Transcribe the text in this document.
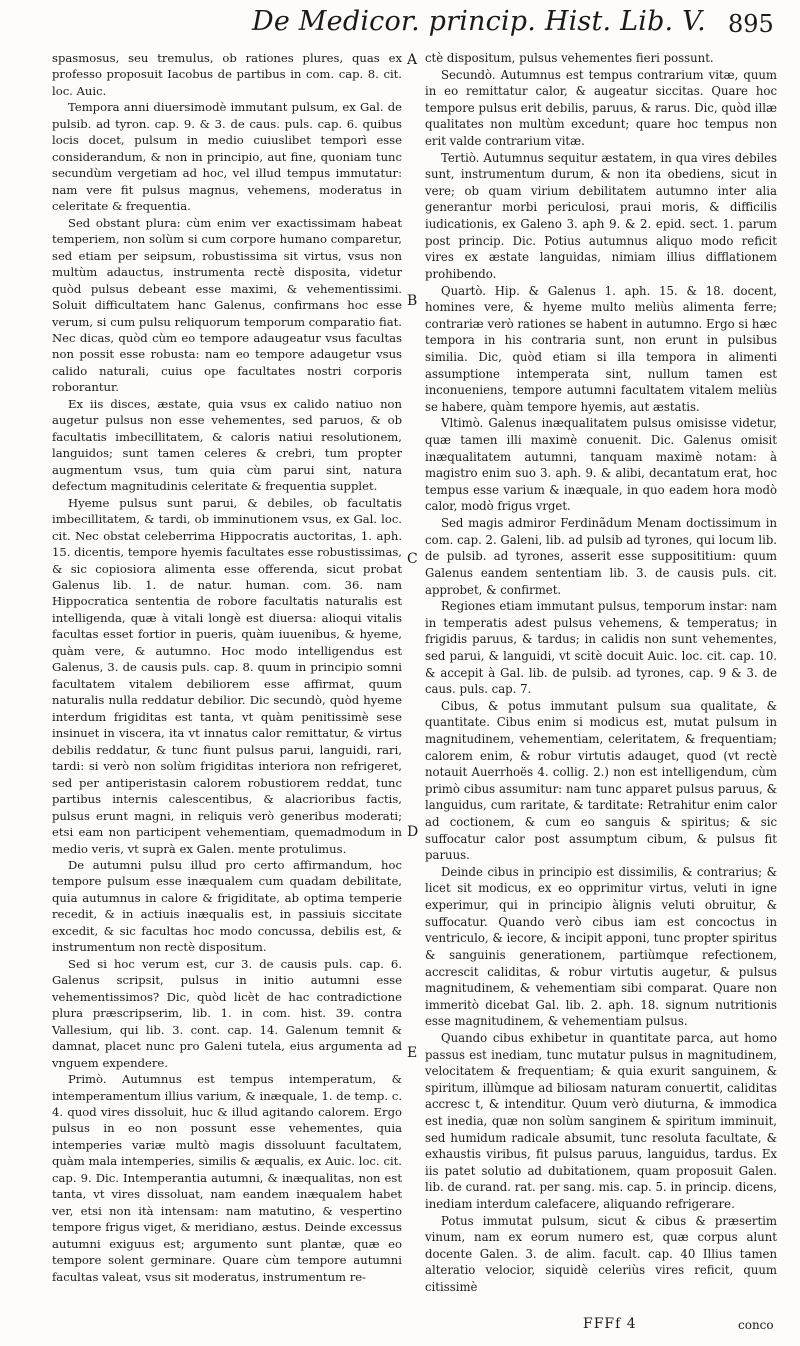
De Medicor. princip. Hist. Lib. V. 895

spasmosus, seu tremulus, ob rationes plures, quas ex professo proposuit Iacobus de partibus in com. cap. 8. cit. loc. Auic.

Tempora anni diuersimodè immutant pulsum, ex Gal. de pulsib. ad tyron. cap. 9. & 3. de caus. puls. cap. 6. quibus locis docet, pulsum in medio cuiuslibet temporì esse considerandum, & non in principio, aut fine, quoniam tunc secundùm vergetiam ad hoc, vel illud tempus immutatur: nam vere fit pulsus magnus, vehemens, moderatus in celeritate & frequentia.

Sed obstant plura: cùm enim ver exactissimam habeat temperiem, non solùm si cum corpore humano comparetur, sed etiam per seipsum, robustissima sit virtus, vsus non multùm adauctus, instrumenta rectè disposita, videtur quòd pulsus debeant esse maximi, & vehementissimi. Soluit difficultatem hanc Galenus, confirmans hoc esse verum, si cum pulsu reliquorum temporum comparatio fiat. Nec dicas, quòd cùm eo tempore adaugeatur vsus facultas non possit esse robusta: nam eo tempore adaugetur vsus calido naturali, cuius ope facultates nostri corporis roborantur.

Ex iis disces, æstate, quia vsus ex calido natiuo non augetur pulsus non esse vehementes, sed paruos, & ob facultatis imbecillitatem, & caloris natiui resolutionem, languidos; sunt tamen celeres & crebri, tum propter augmentum vsus, tum quia cùm parui sint, natura defectum magnitudinis celeritate & frequentia supplet.

Hyeme pulsus sunt parui, & debiles, ob facultatis imbecillitatem, & tardi, ob imminutionem vsus, ex Gal. loc. cit. Nec obstat celeberrima Hippocratis auctoritas, 1. aph. 15. dicentis, tempore hyemis facultates esse robustissimas, & sic copiosiora alimenta esse offerenda, sicut probat Galenus lib. 1. de natur. human. com. 36. nam Hippocratica sententia de robore facultatis naturalis est intelligenda, quæ à vitali longè est diuersa: alioqui vitalis facultas esset fortior in pueris, quàm iuuenibus, & hyeme, quàm vere, & autumno. Hoc modo intelligendus est Galenus, 3. de causis puls. cap. 8. quum in principio somni facultatem vitalem debiliorem esse affirmat, quum naturalis nulla reddatur debilior. Dic secundò, quòd hyeme interdum frigiditas est tanta, vt quàm penitissimè sese insinuet in viscera, ita vt innatus calor remittatur, & virtus debilis reddatur, & tunc fiunt pulsus parui, languidi, rari, tardi: si verò non solùm frigiditas interiora non refrigeret, sed per antiperistasin calorem robustiorem reddat, tunc partibus internis calescentibus, & alacrioribus factis, pulsus erunt magni, in reliquis verò generibus moderati; etsi eam non participent vehementiam, quemadmodum in medio veris, vt suprà ex Galen. mente protulimus.

De autumni pulsu illud pro certo affirmandum, hoc tempore pulsum esse inæqualem cum quadam debilitate, quia autumnus in calore & frigiditate, ab optima temperie recedit, & in actiuis inæqualis est, in passiuis siccitate excedit, & sic facultas hoc modo concussa, debilis est, & instrumentum non rectè dispositum.

Sed si hoc verum est, cur 3. de causis puls. cap. 6. Galenus scripsit, pulsus in initio autumni esse vehementissimos? Dic, quòd licèt de hac contradictione plura præscripserim, lib. 1. in com. hist. 39. contra Vallesium, qui lib. 3. cont. cap. 14. Galenum temnit & damnat, placet nunc pro Galeni tutela, eius argumenta ad vnguem expendere.

Primò. Autumnus est tempus intemperatum, & intemperamentum illius varium, & inæquale, 1. de temp. c. 4. quod vires dissoluit, huc & illud agitando calorem. Ergo pulsus in eo non possunt esse vehementes, quia intemperies variæ multò magis dissoluunt facultatem, quàm mala intemperies, similis & æqualis, ex Auic. loc. cit. cap. 9. Dic. Intemperantia autumni, & inæqualitas, non est tanta, vt vires dissoluat, nam eandem inæqualem habet ver, etsi non ità intensam: nam matutino, & vespertino tempore frigus viget, & meridiano, æstus. Deinde excessus autumni exiguus est; argumento sunt plantæ, quæ eo tempore solent germinare. Quare cùm tempore autumni facultas valeat, vsus sit moderatus, instrumentum re-

ctè dispositum, pulsus vehementes fieri possunt.

Secundò. Autumnus est tempus contrarium vitæ, quum in eo remittatur calor, & augeatur siccitas. Quare hoc tempore pulsus erit debilis, paruus, & rarus. Dic, quòd illæ qualitates non multùm excedunt; quare hoc tempus non erit valde contrarium vitæ.

Tertiò. Autumnus sequitur æstatem, in qua vires debiles sunt, instrumentum durum, & non ita obediens, sicut in vere; ob quam virium debilitatem autumno inter alia generantur morbi periculosi, praui moris, & difficilis iudicationis, ex Galeno 3. aph 9. & 2. epid. sect. 1. parum post princip. Dic. Potius autumnus aliquo modo reficit vires ex æstate languidas, nimiam illius difflationem prohibendo.

Quartò. Hip. & Galenus 1. aph. 15. & 18. docent, homines vere, & hyeme multo meliùs alimenta ferre; contrariæ verò rationes se habent in autumno. Ergo si hæc tempora in his contraria sunt, non erunt in pulsibus similia. Dic, quòd etiam si illa tempora in alimenti assumptione intemperata sint, nullum tamen est inconueniens, tempore autumni facultatem vitalem meliùs se habere, quàm tempore hyemis, aut æstatis.

Vltimò. Galenus inæqualitatem pulsus omisisse videtur, quæ tamen illi maximè conuenit. Dic. Galenus omisit inæqualitatem autumni, tanquam maximè notam: à magistro enim suo 3. aph. 9. & alibi, decantatum erat, hoc tempus esse varium & inæquale, in quo eadem hora modò calor, modò frigus vrget.

Sed magis admiror Ferdinãdum Menam doctissimum in com. cap. 2. Galeni, lib. ad pulsib ad tyrones, qui locum lib. de pulsib. ad tyrones, asserit esse supposititium: quum Galenus eandem sententiam lib. 3. de causis puls. cit. approbet, & confirmet.

Regiones etiam immutant pulsus, temporum instar: nam in temperatis adest pulsus vehemens, & temperatus; in frigidis paruus, & tardus; in calidis non sunt vehementes, sed parui, & languidi, vt scitè docuit Auic. loc. cit. cap. 10. & accepit à Gal. lib. de pulsib. ad tyrones, cap. 9 & 3. de caus. puls. cap. 7.

Cibus, & potus immutant pulsum sua qualitate, & quantitate. Cibus enim si modicus est, mutat pulsum in magnitudinem, vehementiam, celeritatem, & frequentiam; calorem enim, & robur virtutis adauget, quod (vt rectè notauit Auerrhoës 4. collig. 2.) non est intelligendum, cùm primò cibus assumitur: nam tunc apparet pulsus paruus, & languidus, cum raritate, & tarditate: Retrahitur enim calor ad coctionem, & cum eo sanguis & spiritus; & sic suffocatur calor post assumptum cibum, & pulsus fit paruus.

Deinde cibus in principio est dissimilis, & contrarius; & licet sit modicus, ex eo opprimitur virtus, veluti in igne experimur, qui in principio àlignis veluti obruitur, & suffocatur. Quando verò cibus iam est concoctus in ventriculo, & iecore, & incipit apponi, tunc propter spiritus & sanguinis generationem, partiùmque refectionem, accrescit caliditas, & robur virtutis augetur, & pulsus magnitudinem, & vehementiam sibi comparat. Quare non immeritò dicebat Gal. lib. 2. aph. 18. signum nutritionis esse magnitudinem, & vehementiam pulsus.

Quando cibus exhibetur in quantitate parca, aut homo passus est inediam, tunc mutatur pulsus in magnitudinem, velocitatem & frequentiam; & quia exurit sanguinem, & spiritum, illùmque ad biliosam naturam conuertit, caliditas accresc t, & intenditur. Quum verò diuturna, & immodica est inedia, quæ non solùm sanginem & spiritum imminuit, sed humidum radicale absumit, tunc resoluta facultate, & exhaustis viribus, fit pulsus paruus, languidus, tardus. Ex iis patet solutio ad dubitationem, quam proposuit Galen. lib. de curand. rat. per sang. mis. cap. 5. in princip. dicens, inediam interdum calefacere, aliquando refrigerare.

Potus immutat pulsum, sicut & cibus & præsertim vinum, nam ex eorum numero est, quæ corpus alunt docente Galen. 3. de alim. facult. cap. 40 Illius tamen alteratio velocior, siquidè celeriùs vires reficit, quum citissimè

A
B
C
D
E
FFFf 4	conco
